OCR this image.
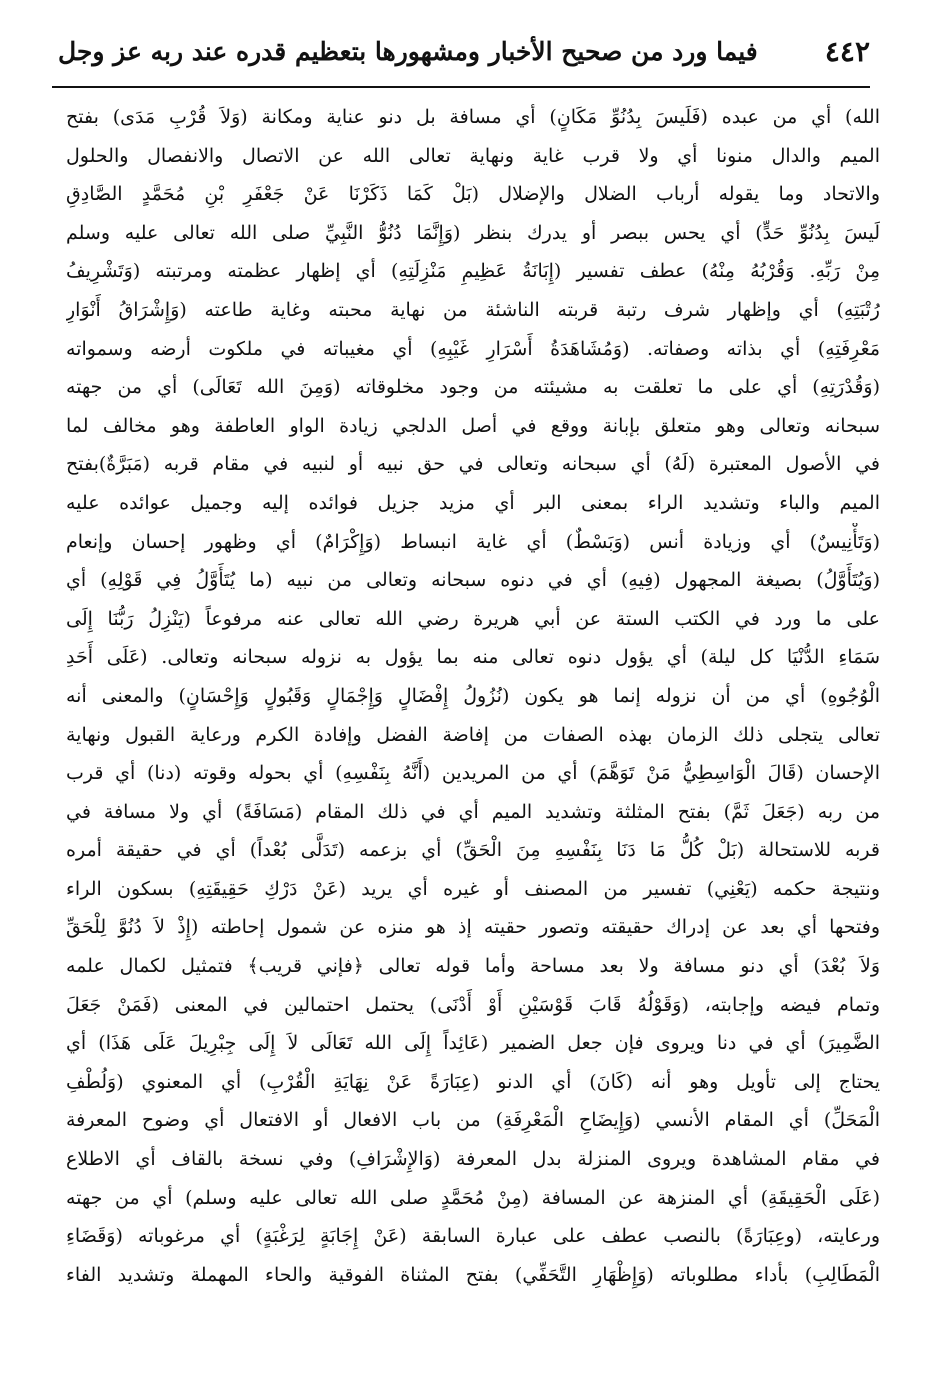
٤٤٢
فيما ورد من صحيح الأخبار ومشهورها بتعظيم قدره عند ربه عز وجل
الله) أي من عبده (فَلَيسَ بِدُنُوِّ مَكَانٍ) أي مسافة بل دنو عناية ومكانة (وَلاَ قُرْبِ مَدَى) بفتح
الميم والدال منونا أي ولا قرب غاية ونهاية تعالى الله عن الاتصال والانفصال والحلول
والاتحاد وما يقوله أرباب الضلال والإضلال (بَلْ كَمَا ذَكَرْنَا عَنْ جَعْفَرِ بْنِ مُحَمَّدٍ الصَّادِقِ
لَيسَ بِدُنُوِّ حَدٍّ) أي يحس ببصر أو يدرك بنظر (وَإِنَّمَا دُنُوُّ النَّبِيِّ صلى الله تعالى عليه وسلم
مِنْ رَبِّهِ. وَقُرْبُهُ مِنْهُ) عطف تفسير (إِبَانَةُ عَظِيمِ مَنْزِلَتِهِ) أي إظهار عظمته ومرتبته (وَتَشْرِيفُ
رُتْبَتِهِ) أي وإظهار شرف رتبة قربته الناشئة من نهاية محبته وغاية طاعته (وَإِشْرَاقُ أَنْوَارِ
مَعْرِفَتِهِ) أي بذاته وصفاته. (وَمُشَاهَدَةُ أَسْرَارِ غَيْبِهِ) أي مغيباته في ملكوت أرضه وسمواته
(وَقُدْرَتِهِ) أي على ما تعلقت به مشيئته من وجود مخلوقاته (وَمِنَ الله تَعَالَى) أي من جهته
سبحانه وتعالى وهو متعلق بإبانة ووقع في أصل الدلجي زيادة الواو العاطفة وهو مخالف لما
في الأصول المعتبرة (لَهُ) أي سبحانه وتعالى في حق نبيه أو لنبيه في مقام قربه (مَبَرَّةٌ)بفتح
الميم والباء وتشديد الراء بمعنى البر أي مزيد جزيل فوائده إليه وجميل عوائده عليه
(وَتَأْنِيسٌ) أي وزيادة أنس (وَبَسْطٌ) أي غاية انبساط (وَإِكْرَامٌ) أي وظهور إحسان وإنعام
(وَيُتَأَوَّلُ) بصيغة المجهول (فِيهِ) أي في دنوه سبحانه وتعالى من نبيه (ما يُتَأَوَّلُ فِي قَوْلِهِ) أي
على ما ورد في الكتب الستة عن أبي هريرة رضي الله تعالى عنه مرفوعاً (يَنْزِلُ رَبُّنَا إِلَى
سَمَاءِ الدُّنْيَا كل ليلة) أي يؤول دنوه تعالى منه بما يؤول به نزوله سبحانه وتعالى. (عَلَى أَحَدِ
الْوُجُوهِ) أي من أن نزوله إنما هو يكون (نُزُولُ إِفْضَالٍ وَإِجْمَالٍ وَقَبُولٍ وَإِحْسَانٍ) والمعنى أنه
تعالى يتجلى ذلك الزمان بهذه الصفات من إفاضة الفضل وإفادة الكرم ورعاية القبول ونهاية
الإحسان (قَالَ الْوَاسِطِيُّ مَنْ تَوَهَّمَ) أي من المريدين (أَنَّهُ بِنَفْسِهِ) أي بحوله وقوته (دنا) أي قرب
من ربه (جَعَلَ ثَمَّ) بفتح المثلثة وتشديد الميم أي في ذلك المقام (مَسَافَةً) أي ولا مسافة في
قربه للاستحالة (بَلْ كُلُّ مَا دَنَا بِنَفْسِهِ مِنَ الْحَقِّ) أي بزعمه (تَدَلَّى بُعْداً) أي في حقيقة أمره
ونتيجة حكمه (يَعْنِي) تفسير من المصنف أو غيره أي يريد (عَنْ دَرْكِ حَقِيقَتِهِ) بسكون الراء
وفتحها أي بعد عن إدراك حقيقته وتصور حقيته إذ هو منزه عن شمول إحاطته (إِذْ لاَ دُنُوَّ لِلْحَقِّ
وَلاَ بُعْدَ) أي دنو مسافة ولا بعد مساحة وأما قوله تعالى ﴿فإني قريب﴾ فتمثيل لكمال علمه
وتمام فيضه وإجابته، (وَقَوْلُهُ قَابَ قَوْسَيْنِ أَوْ أَدْنَى) يحتمل احتمالين في المعنى (فَمَنْ جَعَلَ
الضَّمِيرَ) أي في دنا ويروى فإن جعل الضمير (عَائِداً إِلَى الله تَعَالَى لاَ إِلَى جِبْرِيلَ عَلَى هَذَا) أي
يحتاج إلى تأويل وهو أنه (كَانَ) أي الدنو (عِبَارَةً عَنْ نِهَايَةِ الْقُرْبِ) أي المعنوي (وَلُطْفِ
الْمَحَلِّ) أي المقام الأنسي (وَإِيضَاحِ الْمَعْرِفَةِ) من باب الافعال أو الافتعال أي وضوح المعرفة
في مقام المشاهدة ويروى المنزلة بدل المعرفة (وَالإِشْرَافِ) وفي نسخة بالقاف أي الاطلاع
(عَلَى الْحَقِيقَةِ) أي المنزهة عن المسافة (مِنْ مُحَمَّدٍ صلى الله تعالى عليه وسلم) أي من جهته
ورعايته، (وعِبَارَةً) بالنصب عطف على عبارة السابقة (عَنْ إِجَابَةٍ لِرَغْبَةٍ) أي مرغوباته (وَقَضَاءِ
الْمَطَالِبِ) بأداء مطلوباته (وَإِظْهَارِ التَّحَفِّي) بفتح المثناة الفوقية والحاء المهملة وتشديد الفاء
